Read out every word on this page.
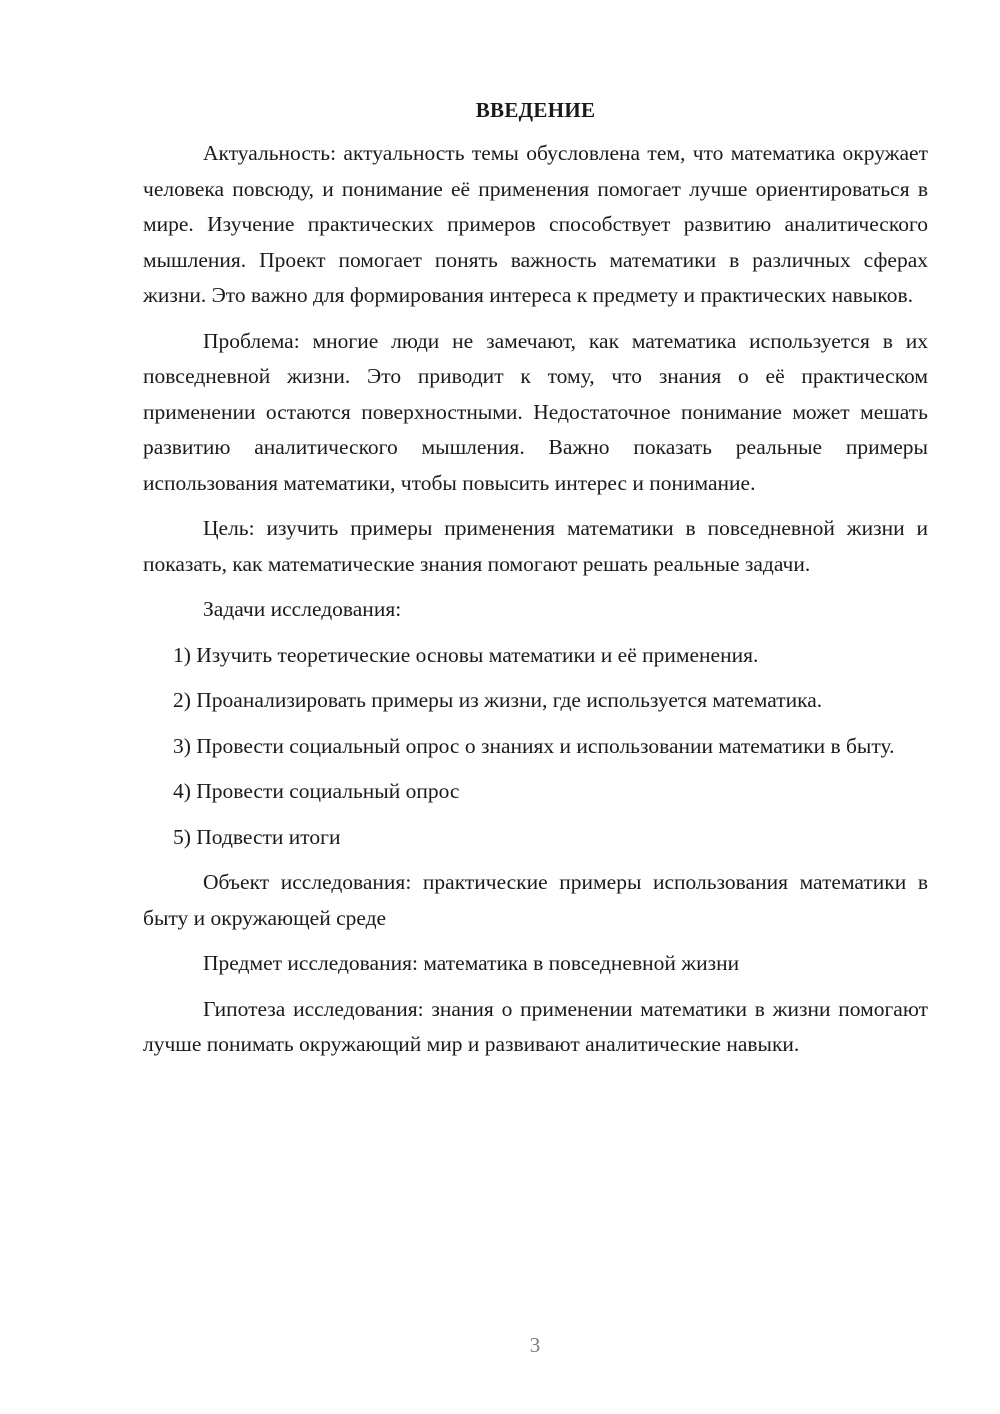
ВВЕДЕНИЕ

Актуальность: актуальность темы обусловлена тем, что математика окружает человека повсюду, и понимание её применения помогает лучше ориентироваться в мире. Изучение практических примеров способствует развитию аналитического мышления. Проект помогает понять важность математики в различных сферах жизни. Это важно для формирования интереса к предмету и практических навыков.

Проблема: многие люди не замечают, как математика используется в их повседневной жизни. Это приводит к тому, что знания о её практическом применении остаются поверхностными. Недостаточное понимание может мешать развитию аналитического мышления. Важно показать реальные примеры использования математики, чтобы повысить интерес и понимание.

Цель: изучить примеры применения математики в повседневной жизни и показать, как математические знания помогают решать реальные задачи.

Задачи исследования:

1) Изучить теоретические основы математики и её применения.

2) Проанализировать примеры из жизни, где используется математика.

3) Провести социальный опрос о знаниях и использовании математики в быту.

4) Провести социальный опрос

5) Подвести итоги

Объект исследования: практические примеры использования математики в быту и окружающей среде

Предмет исследования: математика в повседневной жизни

Гипотеза исследования: знания о применении математики в жизни помогают лучше понимать окружающий мир и развивают аналитические навыки.

3
